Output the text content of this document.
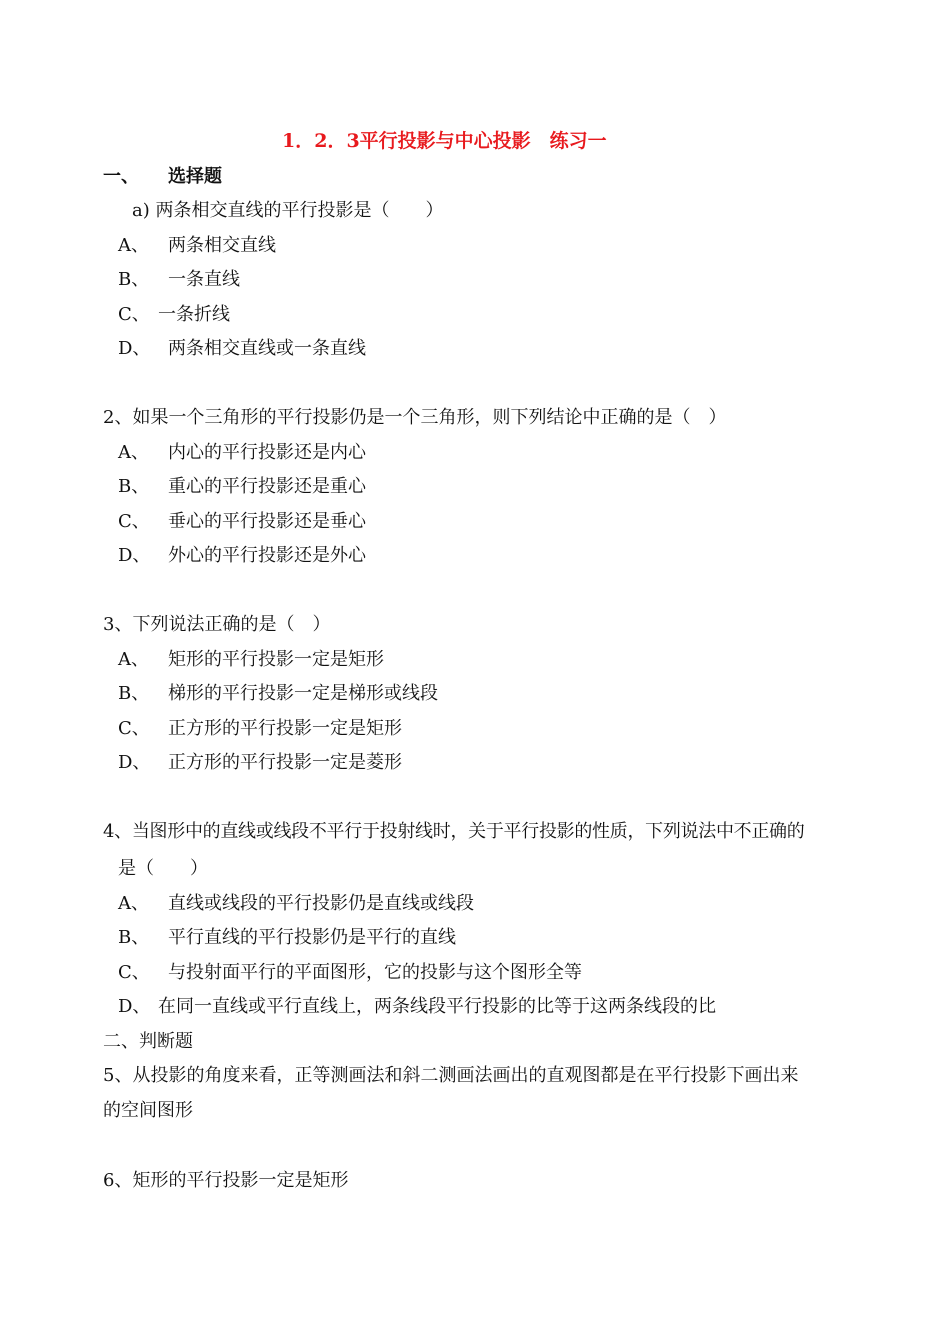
1．2．3平行投影与中心投影　练习一
一、 选择题
a) 两条相交直线的平行投影是（　　）
A、 两条相交直线
B、 一条直线
C、 一条折线
D、 两条相交直线或一条直线
2、如果一个三角形的平行投影仍是一个三角形，则下列结论中正确的是（　）
A、 内心的平行投影还是内心
B、 重心的平行投影还是重心
C、 垂心的平行投影还是垂心
D、 外心的平行投影还是外心
3、下列说法正确的是（　）
A、 矩形的平行投影一定是矩形
B、 梯形的平行投影一定是梯形或线段
C、 正方形的平行投影一定是矩形
D、 正方形的平行投影一定是菱形
4、当图形中的直线或线段不平行于投射线时，关于平行投影的性质，下列说法中不正确的
是（　　）
A、 直线或线段的平行投影仍是直线或线段
B、 平行直线的平行投影仍是平行的直线
C、 与投射面平行的平面图形，它的投影与这个图形全等
D、 在同一直线或平行直线上，两条线段平行投影的比等于这两条线段的比
二、判断题
5、从投影的角度来看，正等测画法和斜二测画法画出的直观图都是在平行投影下画出来
的空间图形
6、矩形的平行投影一定是矩形
